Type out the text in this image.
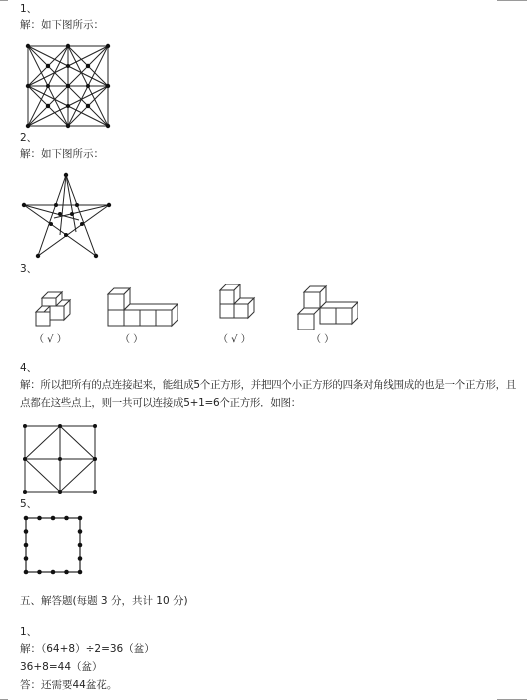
1、
解：如下图所示：
2、
解：如下图所示：
3、
（ √ ）	（ ）	（ √ ）	（ ）
4、
解：所以把所有的点连接起来，能组成5个正方形，并把四个小正方形的四条对角线围成的也是一个正方形，且
点都在这些点上，则一共可以连接成5+1=6个正方形．如图：
5、
五、解答题(每题 3 分，共计 10 分)
1、
解：（64+8）÷2=36（盆）
36+8=44（盆）
答：还需要44盆花。
